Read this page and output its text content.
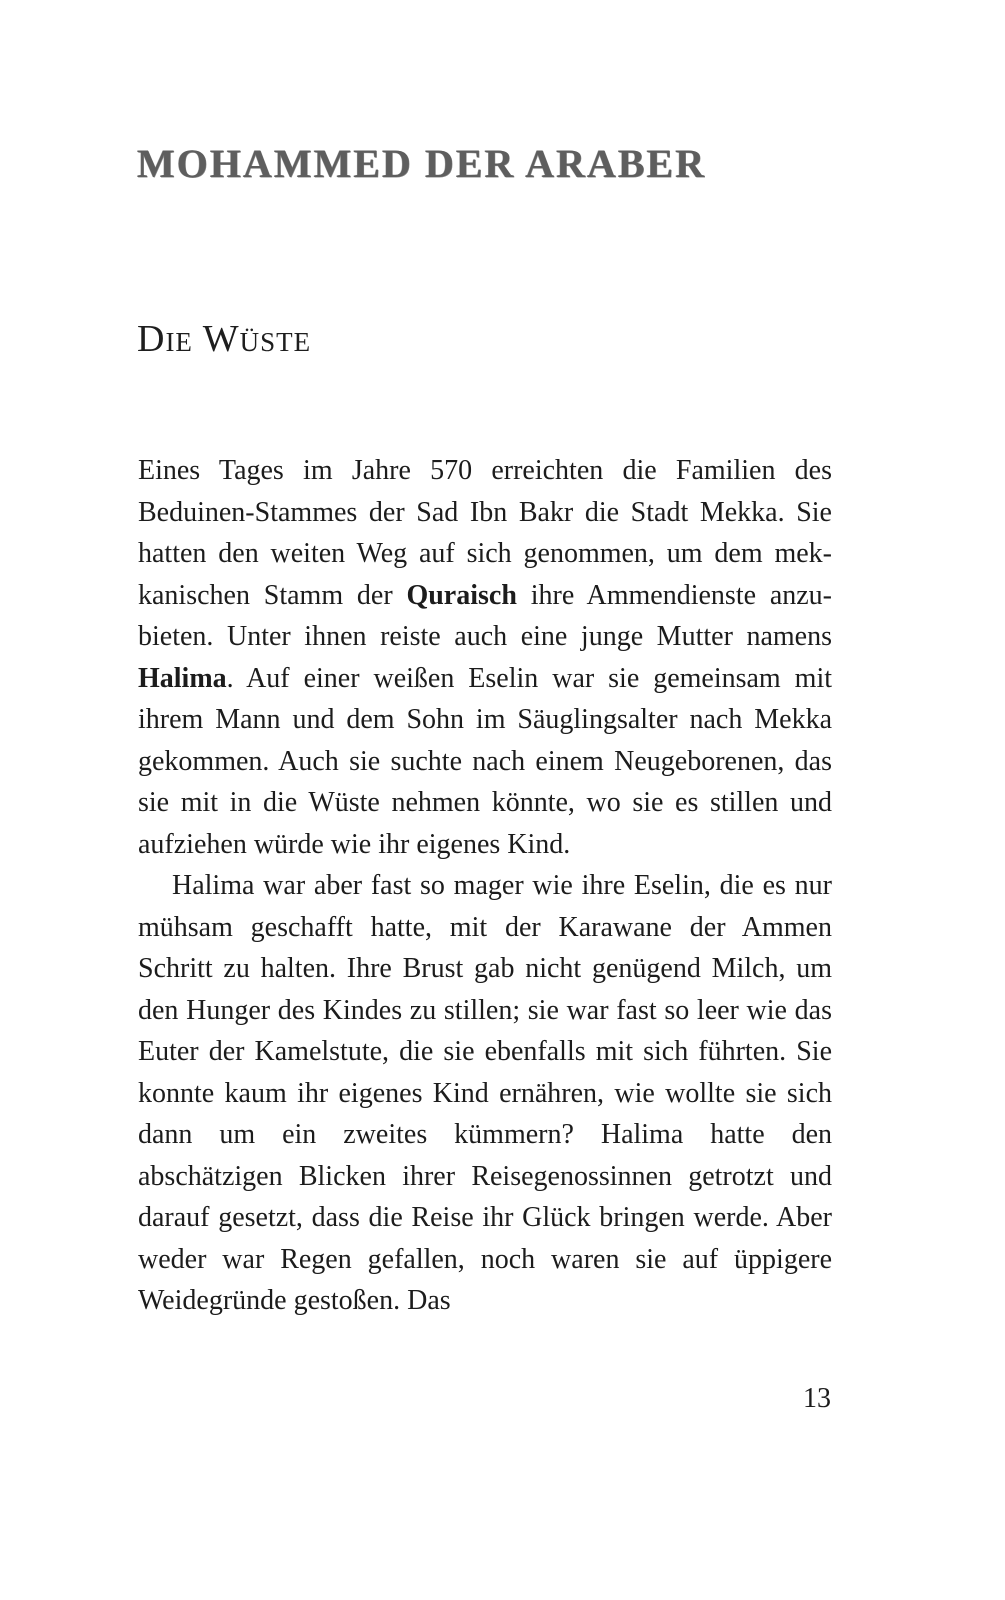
MOHAMMED DER ARABER
Die Wüste

Eines Tages im Jahre 570 erreichten die Familien des Beduinen-Stammes der Sad Ibn Bakr die Stadt Mekka. Sie hatten den weiten Weg auf sich genommen, um dem mekkanischen Stamm der Quraisch ihre Ammendienste anzubieten. Unter ihnen reiste auch eine junge Mutter namens Halima. Auf einer weißen Eselin war sie gemeinsam mit ihrem Mann und dem Sohn im Säuglingsalter nach Mekka gekommen. Auch sie suchte nach einem Neugeborenen, das sie mit in die Wüste nehmen könnte, wo sie es stillen und aufziehen würde wie ihr eigenes Kind.

Halima war aber fast so mager wie ihre Eselin, die es nur mühsam geschafft hatte, mit der Karawane der Ammen Schritt zu halten. Ihre Brust gab nicht genügend Milch, um den Hunger des Kindes zu stillen; sie war fast so leer wie das Euter der Kamelstute, die sie ebenfalls mit sich führten. Sie konnte kaum ihr eigenes Kind ernähren, wie wollte sie sich dann um ein zweites kümmern? Halima hatte den abschätzigen Blicken ihrer Reisegenossinnen getrotzt und darauf gesetzt, dass die Reise ihr Glück bringen werde. Aber weder war Regen gefallen, noch waren sie auf üppigere Weidegründe gestoßen. Das

13
